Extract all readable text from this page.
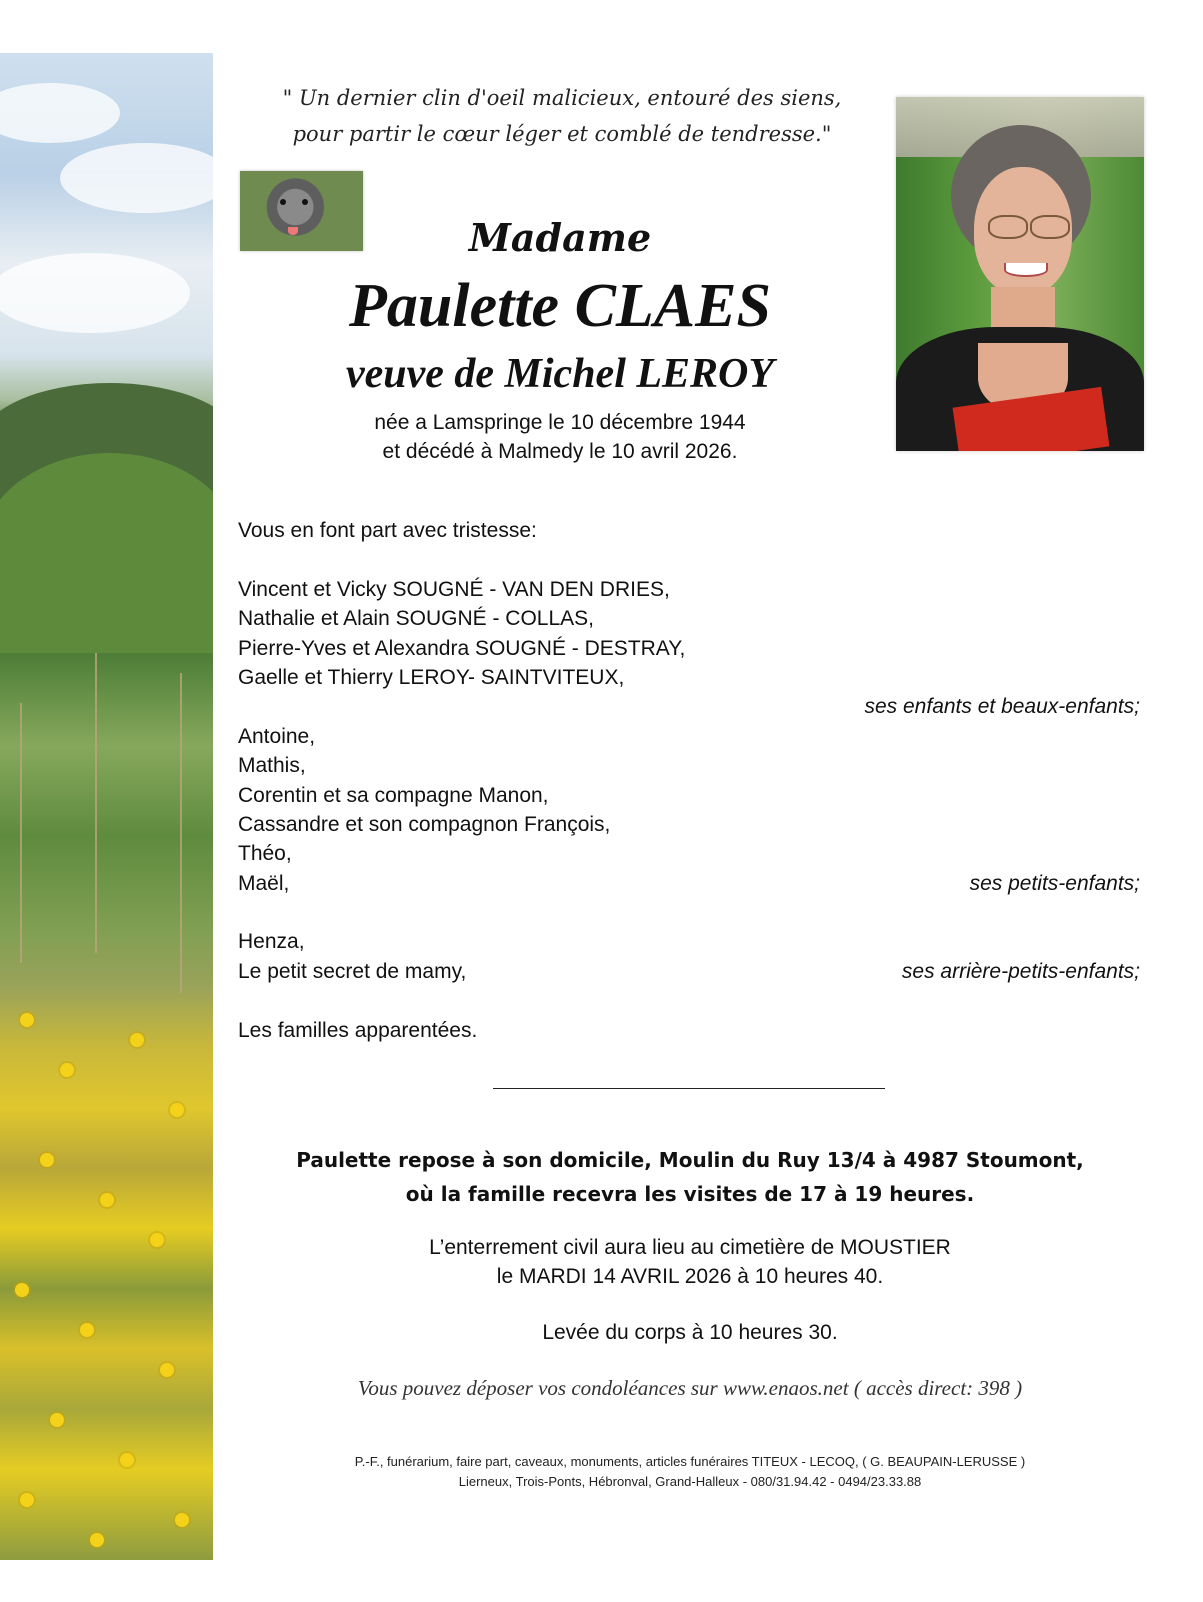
" Un dernier clin d'oeil malicieux, entouré des siens,
pour partir le cœur léger et comblé de tendresse."
Madame
Paulette CLAES
veuve de Michel LEROY
née a Lamspringe le 10 décembre 1944
et décédé à Malmedy le 10 avril 2026.
Vous en font part avec tristesse:
Vincent et Vicky SOUGNÉ - VAN DEN DRIES,
Nathalie et Alain SOUGNÉ - COLLAS,
Pierre-Yves et Alexandra SOUGNÉ - DESTRAY,
Gaelle et Thierry LEROY- SAINTVITEUX,
ses enfants et beaux-enfants;
Antoine,
Mathis,
Corentin et sa compagne Manon,
Cassandre et son compagnon François,
Théo,
Maël,	ses petits-enfants;
Henza,
Le petit secret de mamy,	ses arrière-petits-enfants;
Les familles apparentées.
Paulette repose à son domicile, Moulin du Ruy 13/4 à 4987 Stoumont,
où la famille recevra les visites de 17 à 19 heures.
L’enterrement civil aura lieu au cimetière de MOUSTIER
le MARDI 14 AVRIL 2026 à 10 heures 40.
Levée du corps à 10 heures 30.
Vous pouvez déposer vos condoléances sur www.enaos.net ( accès direct: 398 )
P.-F., funérarium, faire part, caveaux, monuments, articles funéraires TITEUX - LECOQ, ( G. BEAUPAIN-LERUSSE )
Lierneux, Trois-Ponts, Hébronval, Grand-Halleux - 080/31.94.42 - 0494/23.33.88
